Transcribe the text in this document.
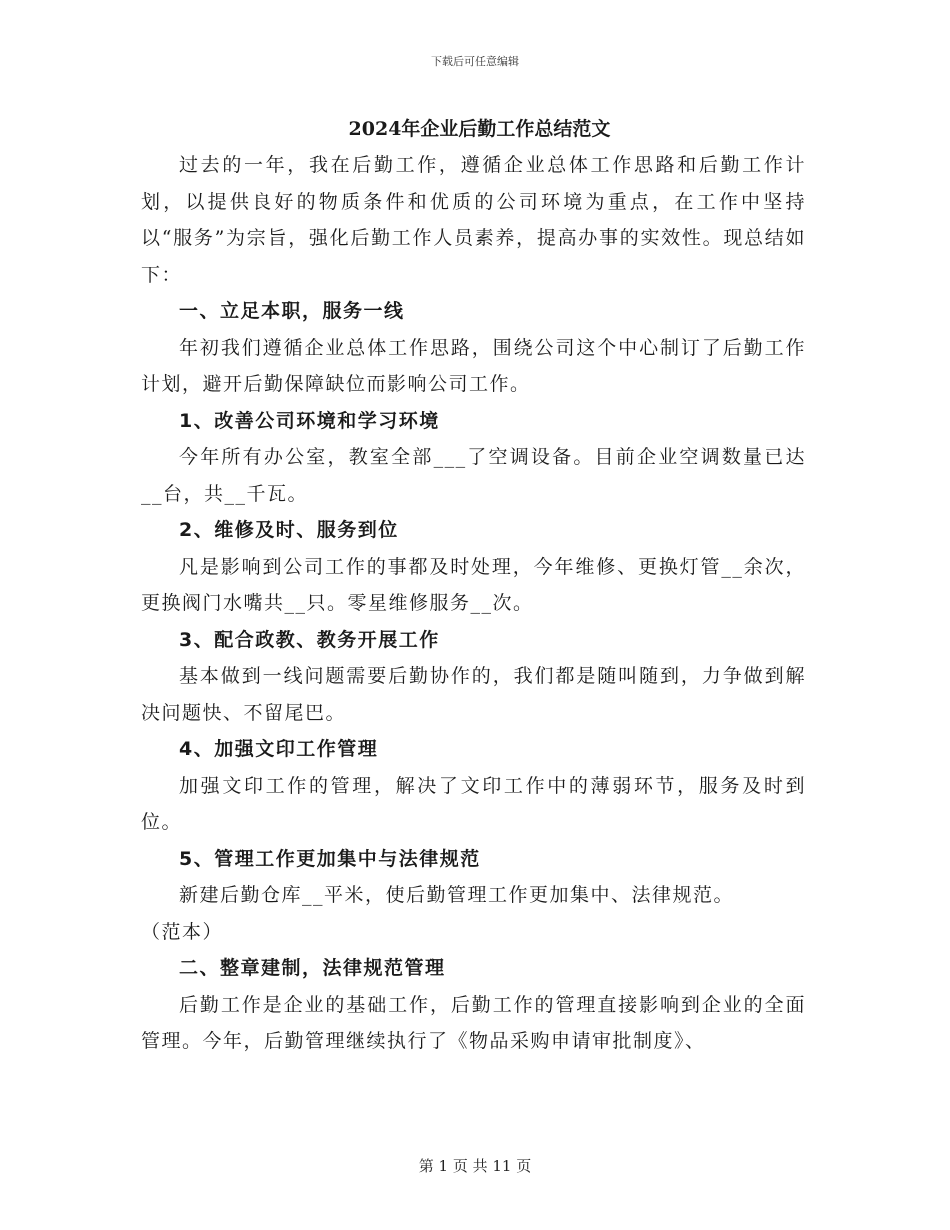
下载后可任意编辑
2024年企业后勤工作总结范文

过去的一年，我在后勤工作，遵循企业总体工作思路和后勤工作计划，以提供良好的物质条件和优质的公司环境为重点，在工作中坚持以“服务”为宗旨，强化后勤工作人员素养，提高办事的实效性。现总结如下：

一、立足本职，服务一线

年初我们遵循企业总体工作思路，围绕公司这个中心制订了后勤工作计划，避开后勤保障缺位而影响公司工作。

1、改善公司环境和学习环境

今年所有办公室，教室全部___了空调设备。目前企业空调数量已达__台，共__千瓦。

2、维修及时、服务到位

凡是影响到公司工作的事都及时处理，今年维修、更换灯管__余次，更换阀门水嘴共__只。零星维修服务__次。

3、配合政教、教务开展工作

基本做到一线问题需要后勤协作的，我们都是随叫随到，力争做到解决问题快、不留尾巴。

4、加强文印工作管理

加强文印工作的管理，解决了文印工作中的薄弱环节，服务及时到位。

5、管理工作更加集中与法律规范

新建后勤仓库__平米，使后勤管理工作更加集中、法律规范。

（范本）

二、整章建制，法律规范管理

后勤工作是企业的基础工作，后勤工作的管理直接影响到企业的全面管理。今年，后勤管理继续执行了《物品采购申请审批制度》、

第 1 页 共 11 页
